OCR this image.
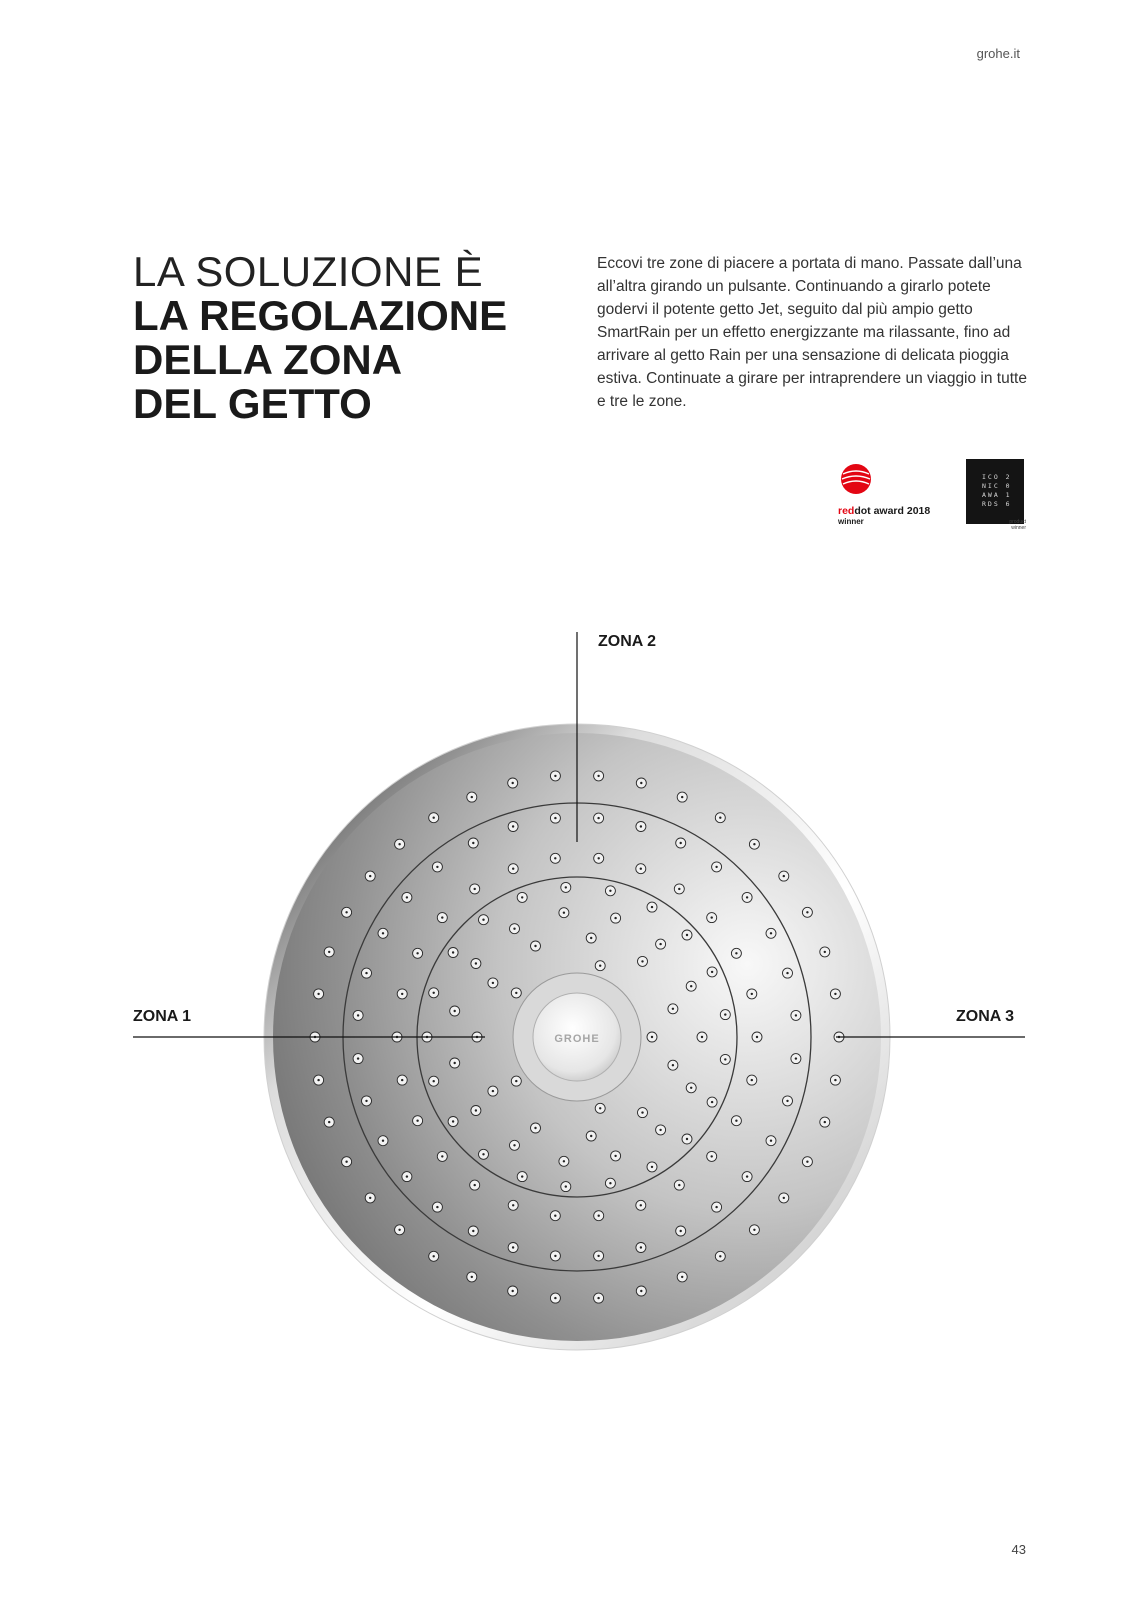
grohe.it
LA SOLUZIONE È
LA REGOLAZIONE
DELLA ZONA
DEL GETTO

Eccovi tre zone di piacere a portata di mano. Passate dall’una all’altra girando un pulsante. Continuando a girarlo potete godervi il potente getto Jet, seguito dal più ampio getto SmartRain per un effetto energizzante ma rilassante, fino ad arrivare al getto Rain per una sensazione di delicata pioggia estiva. Continuate a girare per intraprendere un viaggio in tutte e tre le zone.

reddot award 2018
winner
ICO 2
NIC 0
AWA 1
RDS 6
product
winner
GROHE
ZONA 2
ZONA 1	ZONA 3
43
